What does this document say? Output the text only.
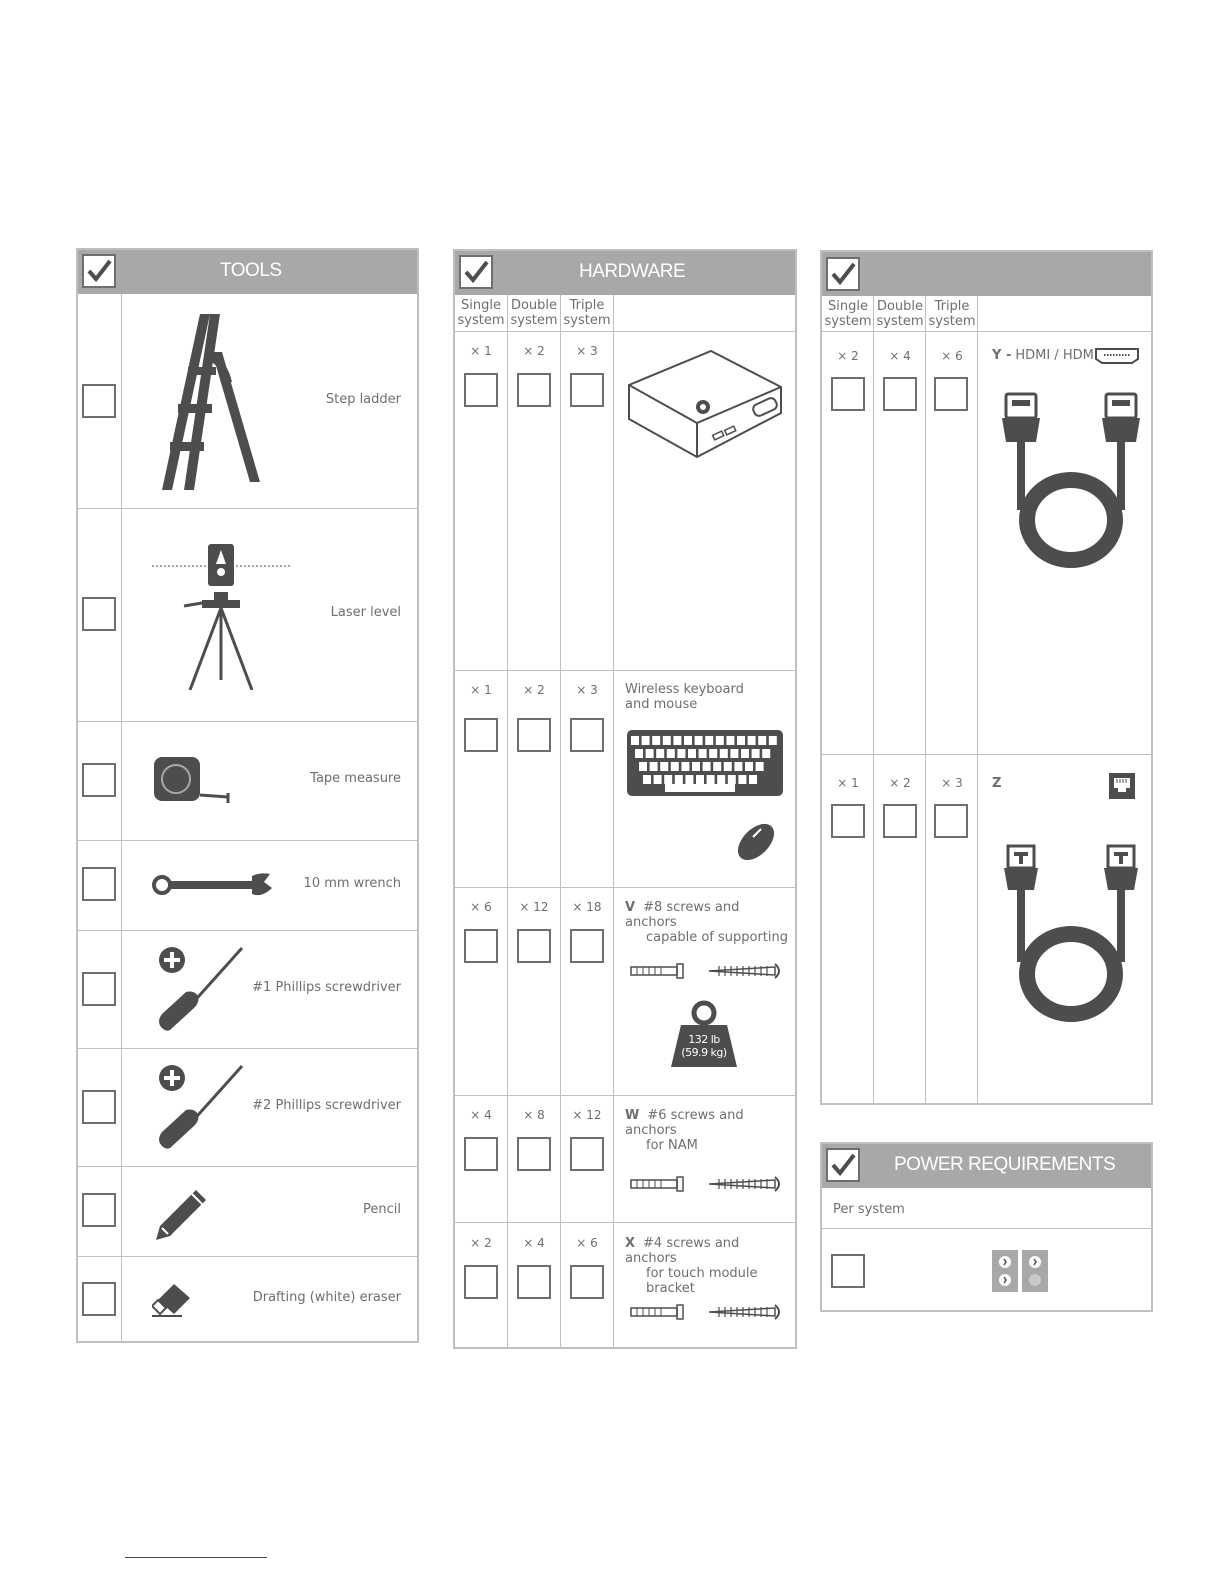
TOOLS
Step ladder
Laser level
Tape measure
10 mm wrench
#1 Phillips screwdriver
#2 Phillips screwdriver
Pencil
Drafting (white) eraser
HARDWARE
Single
system
Double
system
Triple
system
× 1	× 2	× 3
× 1	× 2	× 3	Wireless keyboard
and mouse
× 6	× 12	× 18	V #8 screws and anchors
capable of supporting
132 lb
(59.9 kg)
× 4	× 8	× 12	W #6 screws and anchors
for NAM
× 2	× 4	× 6	X #4 screws and anchors
for touch module
bracket
Single
system
Double
system
Triple
system
× 2	× 4	× 6	Y - HDMI / HDMI
× 1	× 2	× 3	Z
POWER REQUIREMENTS
Per system
